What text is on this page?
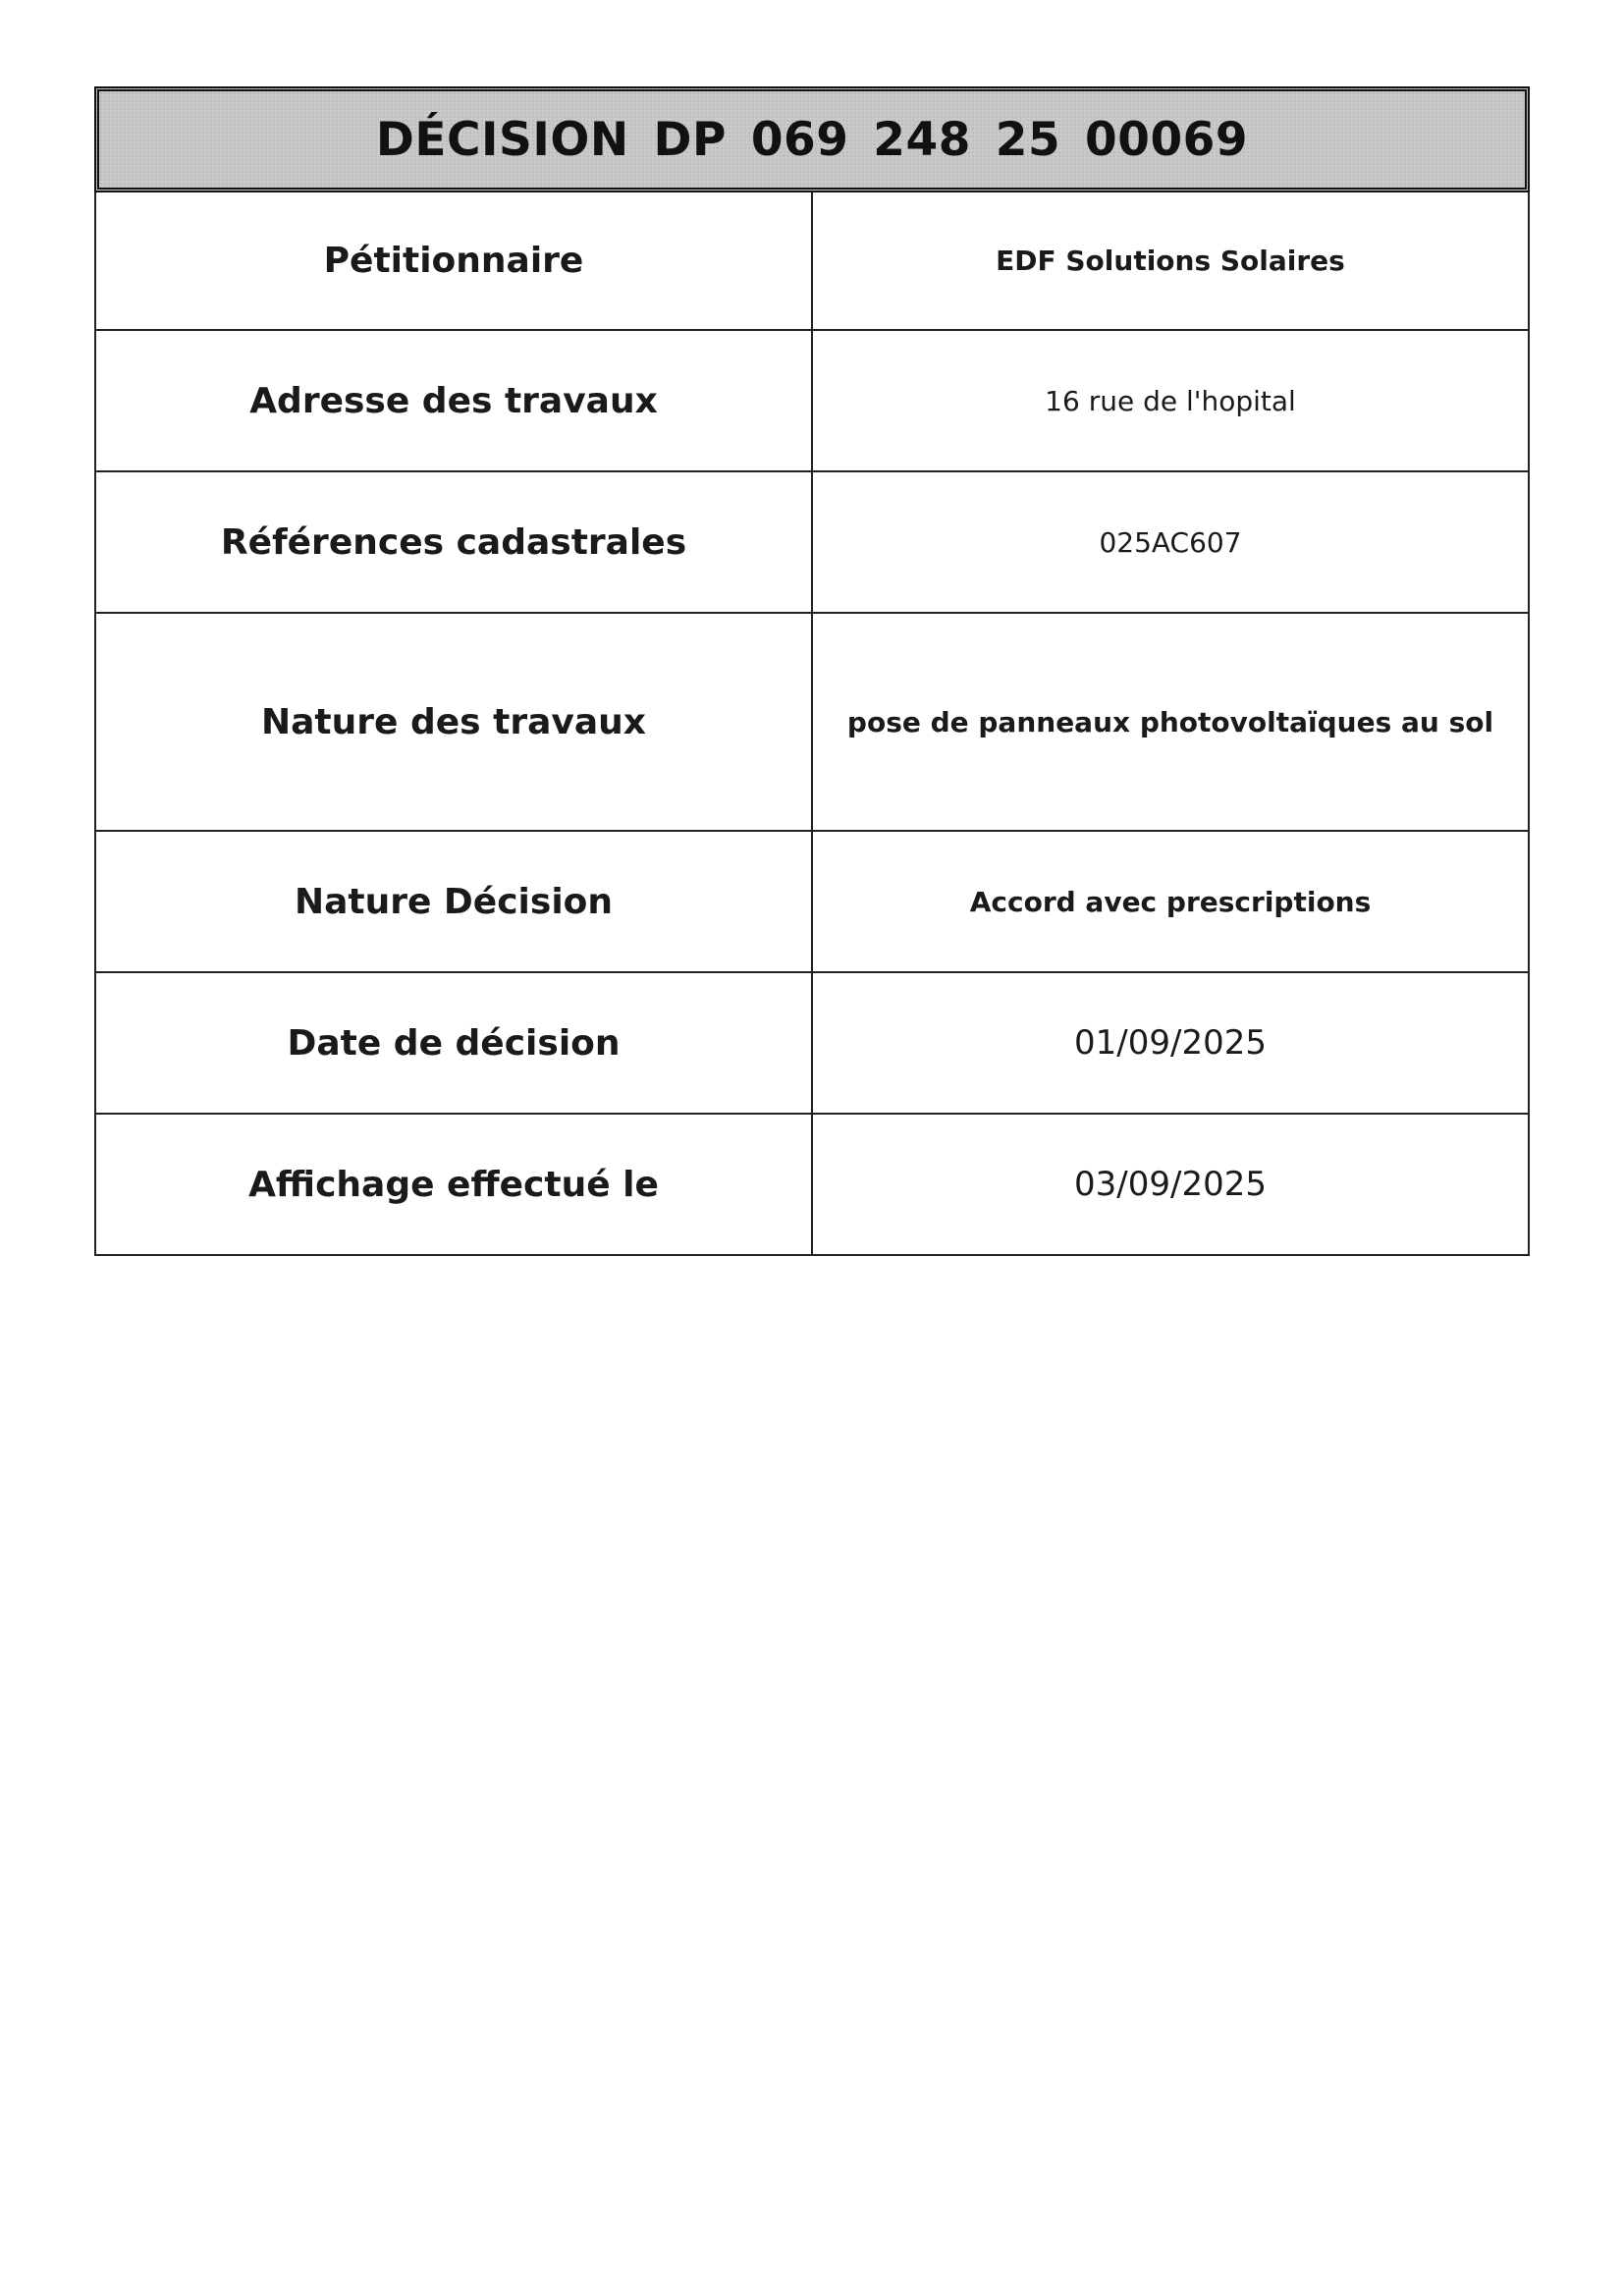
DÉCISION DP 069 248 25 00069
Pétitionnaire	EDF Solutions Solaires
Adresse des travaux	16 rue de l'hopital
Références cadastrales	025AC607
Nature des travaux	pose de panneaux photovoltaïques au sol
Nature Décision	Accord avec prescriptions
Date de décision	01/09/2025
Affichage effectué le	03/09/2025
